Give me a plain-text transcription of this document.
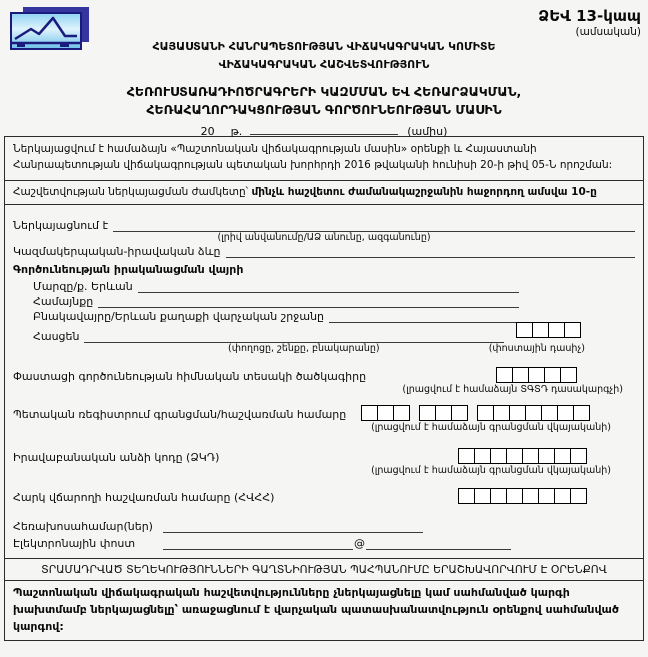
ՁԵՎ 13-կապ
(ամսական)
ՀԱՅԱՍՏԱՆԻ ՀԱՆՐԱՊԵՏՈՒԹՅԱՆ ՎԻՃԱԿԱԳՐԱԿԱՆ ԿՈՄԻՏԵ
ՎԻՃԱԿԱԳՐԱԿԱՆ ՀԱՇՎԵՏՎՈՒԹՅՈՒՆ
ՀԵՌՈՒՍՏԱՌԱԴԻՈԾՐԱԳՐԵՐԻ ԿԱԶՄՄԱՆ ԵՎ ՀԵՌԱՐՁԱԿՄԱՆ,
ՀԵՌԱՀԱՂՈՐԴԱԿՑՈՒԹՅԱՆ ԳՈՐԾՈՒՆԵՈՒԹՅԱՆ ՄԱՍԻՆ
20 թ.	(ամիս)
Ներկայացվում է համաձայն «Պաշտոնական վիճակագրության մասին» օրենքի և Հայաստանի Հանրապետության վիճակագրության պետական խորհրդի 2016 թվականի հունիսի 20-ի թիվ 05-Ն որոշման:
Հաշվետվության ներկայացման ժամկետը՝ մինչև հաշվետու ժամանակաշրջանին հաջորդող ամսվա 10-ը
Ներկայացնում է
(լրիվ անվանումը/ԱՁ անունը, ազգանունը)
Կազմակերպական-իրավական ձևը
Գործունեության իրականացման վայրի
Մարզը/ք. Երևան
Համայնքը
Բնակավայրը/Երևան քաղաքի վարչական շրջանը
Հասցեն
(փողոցը, շենքը, բնակարանը)	(փոստային դասիչ)
Փաստացի գործունեության հիմնական տեսակի ծածկագիրը
(լրացվում է համաձայն ՏԳՏԴ դասակարգչի)
Պետական ռեգիստրում գրանցման/հաշվառման համարը
(լրացվում է համաձայն գրանցման վկայականի)
Իրավաբանական անձի կոդը (ՁԿԴ)
(լրացվում է համաձայն գրանցման վկայականի)
Հարկ վճարողի հաշվառման համարը (ՀՎՀՀ)
Հեռախոսահամար(ներ)
Էլեկտրոնային փոստ	@
ՏՐԱՄԱԴՐՎԱԾ ՏԵՂԵԿՈՒԹՅՈՒՆՆԵՐԻ ԳԱՂՏՆԻՈՒԹՅԱՆ ՊԱՀՊԱՆՈՒՄԸ ԵՐԱՇԽԱՎՈՐՎՈՒՄ Է ՕՐԵՆՔՈՎ
Պաշտոնական վիճակագրական հաշվետվությունները չներկայացնելը կամ սահմանված կարգի խախտմամբ ներկայացնելը՝ առաջացնում է վարչական պատասխանատվություն օրենքով սահմանված կարգով:
